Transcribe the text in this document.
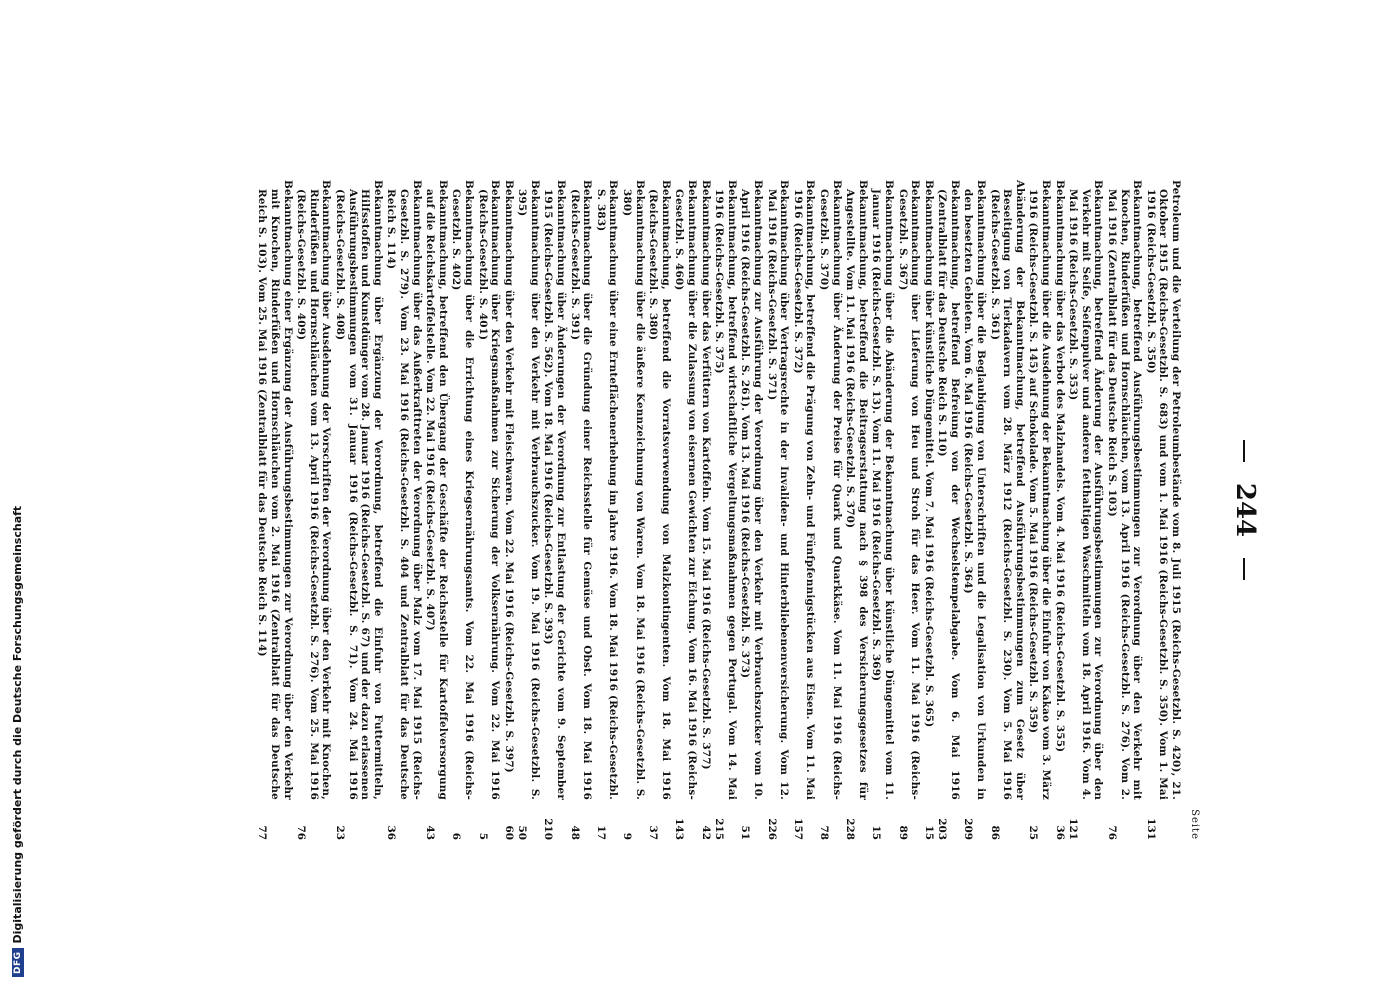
244
Seite
Petroleum und die Verteilung der Petroleumbestände vom 8. Juli 1915 (Reichs-Gesetzbl. S. 420), 21. Oktober 1915 (Reichs-Gesetzbl. S. 683) und vom 1. Mai 1916 (Reichs-Gesetzbl. S. 350). Vom 1. Mai 1916 (Reichs-Gesetzbl. S. 350)
131
Bekanntmachung, betreffend Ausführungsbestimmungen zur Verordnung über den Verkehr mit Knochen, Rinderfüßen und Hornschläuchen, vom 13. April 1916 (Reichs-Gesetzbl. S. 276). Vom 2. Mai 1916 (Zentralblatt für das Deutsche Reich S. 103)
76
Bekanntmachung, betreffend Änderung der Ausführungsbestimmungen zur Verordnung über den Verkehr mit Seife, Seifenpulver und anderen fetthaltigen Waschmitteln vom 18. April 1916. Vom 4. Mai 1916 (Reichs-Gesetzbl. S. 353)
121
Bekanntmachung über das Verbot des Malzhandels. Vom 4. Mai 1916 (Reichs-Gesetzbl. S. 355)
36
Bekanntmachung über die Ausdehnung der Bekanntmachung über die Einfuhr von Kakao vom 3. März 1916 (Reichs-Gesetzbl. S. 145) auf Schokolade. Vom 5. Mai 1916 (Reichs-Gesetzbl. S. 359)
25
Abänderung der Bekanntmachung, betreffend Ausführungsbestimmungen zum Gesetz über Beseitigung von Tierkadavern vom 28. März 1912 (Reichs-Gesetzbl. S. 230). Vom 5. Mai 1916 (Reichs-Gesetzbl. S. 361)
86
Bekanntmachung über die Beglaubigung von Unterschriften und die Legalisation von Urkunden in den besetzten Gebieten. Vom 6. Mai 1916 (Reichs-Gesetzbl. S. 364)
209
Bekanntmachung, betreffend Befreiung von der Wechselstempelabgabe. Vom 6. Mai 1916 (Zentralblatt für das Deutsche Reich S. 110)
203
Bekanntmachung über künstliche Düngemittel. Vom 7. Mai 1916 (Reichs-Gesetzbl. S. 365)
15
Bekanntmachung über Lieferung von Heu und Stroh für das Heer. Vom 11. Mai 1916 (Reichs-Gesetzbl. S. 367)
89
Bekanntmachung über die Abänderung der Bekanntmachung über künstliche Düngemittel vom 11. Januar 1916 (Reichs-Gesetzbl. S. 13). Vom 11. Mai 1916 (Reichs-Gesetzbl. S. 369)
15
Bekanntmachung, betreffend die Beitragserstattung nach § 398 des Versicherungsgesetzes für Angestellte. Vom 11. Mai 1916 (Reichs-Gesetzbl. S. 370)
228
Bekanntmachung über Änderung der Preise für Quark und Quarkkäse. Vom 11. Mai 1916 (Reichs-Gesetzbl. S. 370)
78
Bekanntmachung, betreffend die Prägung von Zehn- und Fünfpfennigstücken aus Eisen. Vom 11. Mai 1916 (Reichs-Gesetzbl. S. 372)
157
Bekanntmachung über Vertragsrechte in der Invaliden- und Hinterbliebenenversicherung. Vom 12. Mai 1916 (Reichs-Gesetzbl. S. 371)
226
Bekanntmachung zur Ausführung der Verordnung über den Verkehr mit Verbrauchszucker vom 10. April 1916 (Reichs-Gesetzbl. S. 261). Vom 13. Mai 1916 (Reichs-Gesetzbl. S. 373)
51
Bekanntmachung, betreffend wirtschaftliche Vergeltungsmaßnahmen gegen Portugal. Vom 14. Mai 1916 (Reichs-Gesetzbl. S. 375)
215
Bekanntmachung über das Verfüttern von Kartoffeln. Vom 15. Mai 1916 (Reichs-Gesetzbl. S. 377)
42
Bekanntmachung über die Zulassung von eisernen Gewichten zur Eichung. Vom 16. Mai 1916 (Reichs-Gesetzbl. S. 460)
143
Bekanntmachung, betreffend die Vorratsverwendung von Malzkontingenten. Vom 18. Mai 1916 (Reichs-Gesetzbl. S. 380)
37
Bekanntmachung über die äußere Kennzeichnung von Waren. Vom 18. Mai 1916 (Reichs-Gesetzbl. S. 380)
9
Bekanntmachung über eine Ernteflächenerhebung im Jahre 1916. Vom 18. Mai 1916 (Reichs-Gesetzbl. S. 383)
17
Bekanntmachung über die Gründung einer Reichsstelle für Gemüse und Obst. Vom 18. Mai 1916 (Reichs-Gesetzbl. S. 391)
48
Bekanntmachung über Änderungen der Verordnung zur Entlastung der Gerichte vom 9. September 1915 (Reichs-Gesetzbl. S. 562). Vom 18. Mai 1916 (Reichs-Gesetzbl. S. 393)
210
Bekanntmachung über den Verkehr mit Verbrauchszucker. Vom 19. Mai 1916 (Reichs-Gesetzbl. S. 395)
50
Bekanntmachung über den Verkehr mit Fleischwaren. Vom 22. Mai 1916 (Reichs-Gesetzbl. S. 397)
60
Bekanntmachung über Kriegsmaßnahmen zur Sicherung der Volksernährung. Vom 22. Mai 1916 (Reichs-Gesetzbl. S. 401)
5
Bekanntmachung über die Errichtung eines Kriegsernährungsamts. Vom 22. Mai 1916 (Reichs-Gesetzbl. S. 402)
6
Bekanntmachung, betreffend den Übergang der Geschäfte der Reichsstelle für Kartoffelversorgung auf die Reichskartoffelstelle. Vom 22. Mai 1916 (Reichs-Gesetzbl. S. 407)
43
Bekanntmachung über das Außerkrafttreten der Verordnung über Malz vom 17. Mai 1915 (Reichs-Gesetzbl. S. 279). Vom 23. Mai 1916 (Reichs-Gesetzbl. S. 404 und Zentralblatt für das Deutsche Reich S. 114)
36
Bekanntmachung über Ergänzung der Verordnung, betreffend die Einfuhr von Futtermitteln, Hilfsstoffen und Kunstdünger vom 28. Januar 1916 (Reichs-Gesetzbl. S. 67) und der dazu erlassenen Ausführungsbestimmungen vom 31. Januar 1916 (Reichs-Gesetzbl. S. 71). Vom 24. Mai 1916 (Reichs-Gesetzbl. S. 408)
23
Bekanntmachung über Ausdehnung der Vorschriften der Verordnung über den Verkehr mit Knochen, Rinderfüßen und Hornschläuchen vom 13. April 1916 (Reichs-Gesetzbl. S. 276). Vom 25. Mai 1916 (Reichs-Gesetzbl. S. 409)
76
Bekanntmachung einer Ergänzung der Ausführungsbestimmungen zur Verordnung über den Verkehr mit Knochen, Rinderfüßen und Hornschläuchen vom 2. Mai 1916 (Zentralblatt für das Deutsche Reich S. 103). Vom 25. Mai 1916 (Zentralblatt für das Deutsche Reich S. 114)
77
DFGDigitalisierung gefördert durch die Deutsche Forschungsgemeinschaft
